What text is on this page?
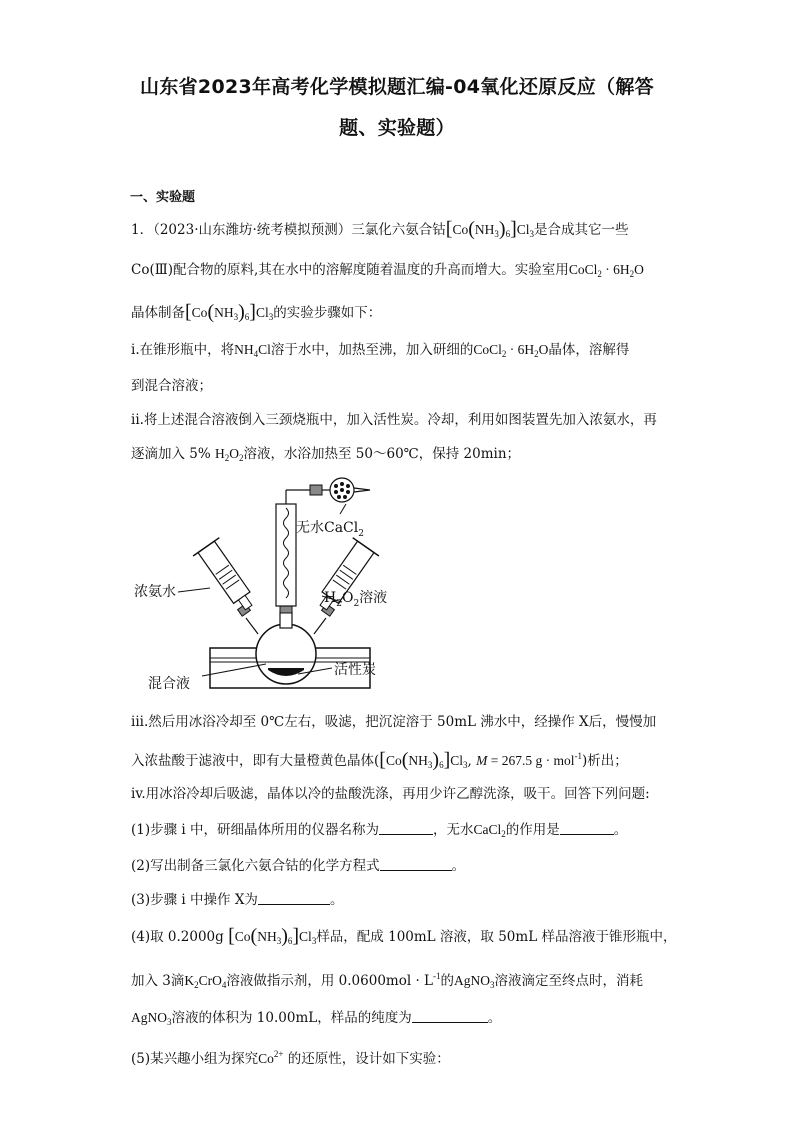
山东省2023年高考化学模拟题汇编-04氧化还原反应（解答
题、实验题）
一、实验题
1．（2023·山东潍坊·统考模拟预测）三氯化六氨合钴$[Co(NH_3)_6]Cl_3$是合成其它一些
Co(Ⅲ)配合物的原料,其在水中的溶解度随着温度的升高而增大。实验室用CoCl$_2$ · $6H_2O$
晶体制备$[Co(NH_3)_6]Cl_3$的实验步骤如下：
i.在锥形瓶中，将$NH_4Cl$溶于水中，加热至沸，加入研细的CoCl$_2$ · $6H_2O$晶体，溶解得
到混合溶液；
ii.将上述混合溶液倒入三颈烧瓶中，加入活性炭。冷却，利用如图装置先加入浓氨水，再
逐滴加入 5% $H_2O_2$溶液，水浴加热至 50～60℃，保持 20min；
无水CaCl$_2$
浓氨水	$H_2O_2$溶液
混合液
活性炭
iii.然后用冰浴冷却至 0℃左右，吸滤，把沉淀溶于 50mL 沸水中，经操作 X后，慢慢加
入浓盐酸于滤液中，即有大量橙黄色晶体($[Co(NH_3)_6]Cl_3$, M = 267.5 g · mol$^{-1}$)析出；
iv.用冰浴冷却后吸滤，晶体以冷的盐酸洗涤，再用少许乙醇洗涤，吸干。回答下列问题:
(1)步骤 i 中，研细晶体所用的仪器名称为	，无水CaCl$_2$的作用是	。
(2)写出制备三氯化六氨合钴的化学方程式	。
(3)步骤 i 中操作 X为	。
(4)取 0.2000g $[Co(NH_3)_6]Cl_3$样品，配成 100mL 溶液，取 50mL 样品溶液于锥形瓶中，
加入 3滴$K_2CrO_4$溶液做指示剂，用 $0.0600mol \cdot L^{-1}$的AgNO$_3$溶液滴定至终点时，消耗
AgNO$_3$溶液的体积为 10.00mL，样品的纯度为	。
(5)某兴趣小组为探究$Co^{2+}$ 的还原性，设计如下实验：
